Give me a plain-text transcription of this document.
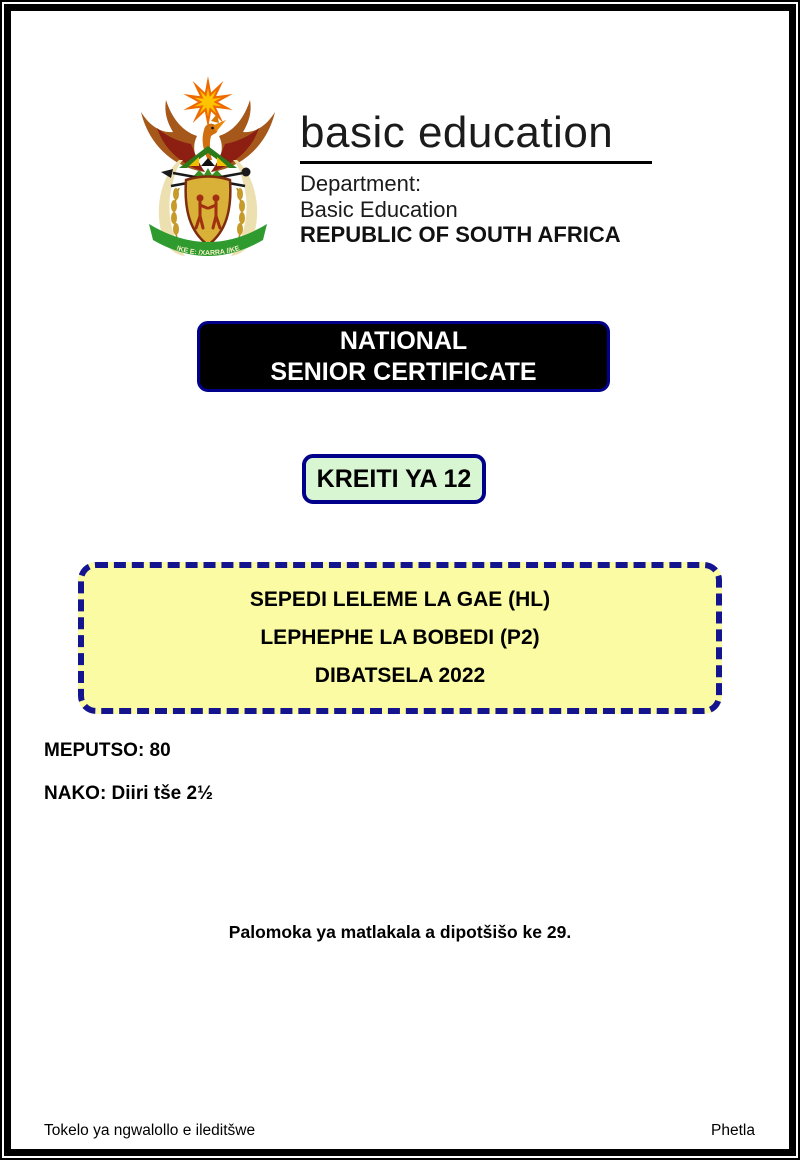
!KE E: /XARRA //KE
basic education
Department:
Basic Education
REPUBLIC OF SOUTH AFRICA
NATIONAL
SENIOR CERTIFICATE
KREITI YA 12
SEPEDI LELEME LA GAE (HL)
LEPHEPHE LA BOBEDI (P2)
DIBATSELA 2022
MEPUTSO: 80
NAKO: Diiri tše 2½
Palomoka ya matlakala a dipotšišo ke 29.
Tokelo ya ngwalollo e ileditšwe	Phetla
